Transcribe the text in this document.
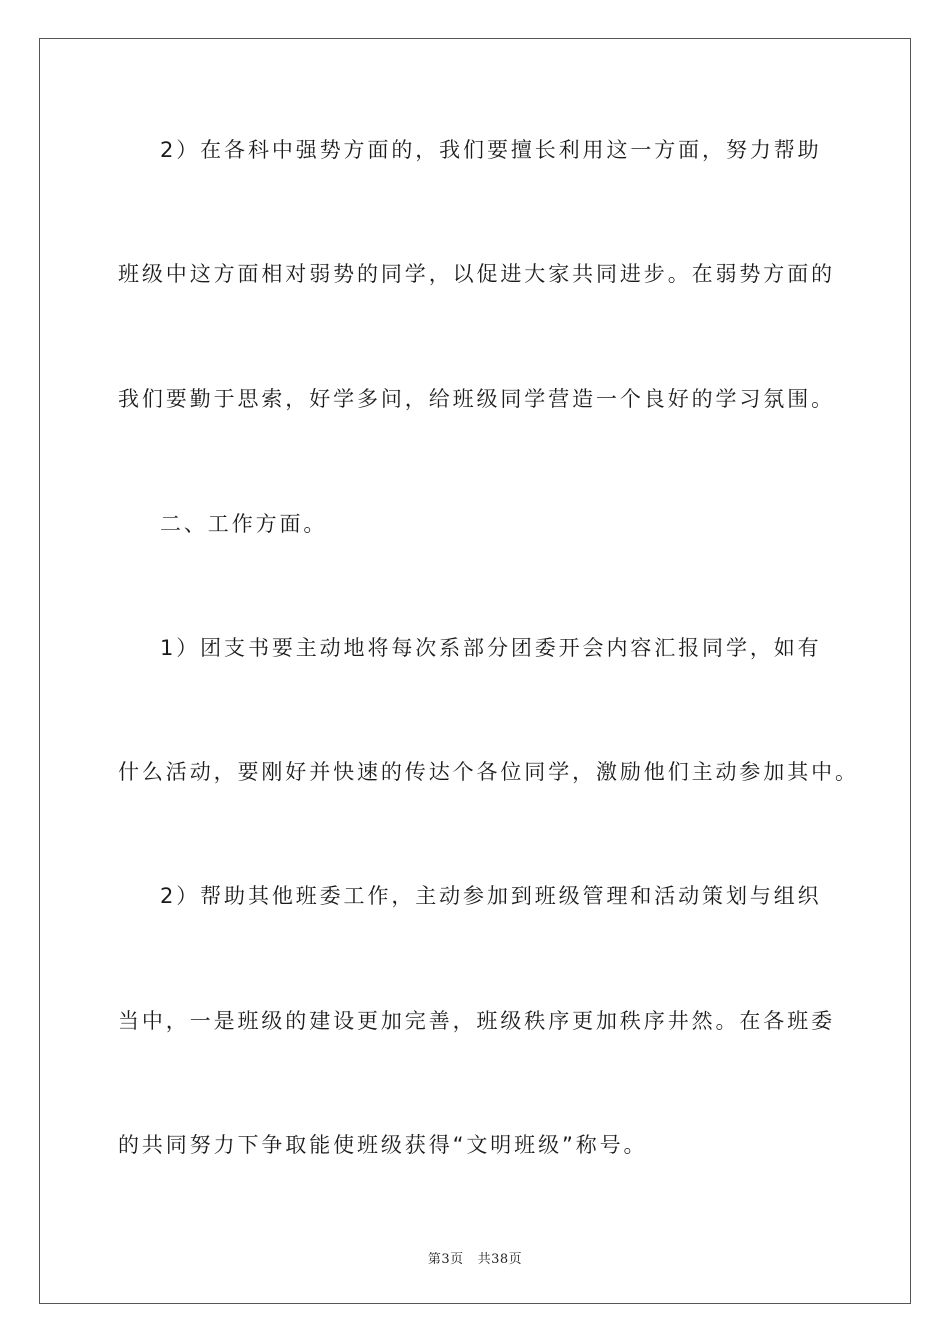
2）在各科中强势方面的，我们要擅长利用这一方面，努力帮助
班级中这方面相对弱势的同学，以促进大家共同进步。在弱势方面的
我们要勤于思索，好学多问，给班级同学营造一个良好的学习氛围。
二、工作方面。
1）团支书要主动地将每次系部分团委开会内容汇报同学，如有
什么活动，要刚好并快速的传达个各位同学，激励他们主动参加其中。
2）帮助其他班委工作，主动参加到班级管理和活动策划与组织
当中，一是班级的建设更加完善，班级秩序更加秩序井然。在各班委
的共同努力下争取能使班级获得“文明班级”称号。
第3页 共38页
